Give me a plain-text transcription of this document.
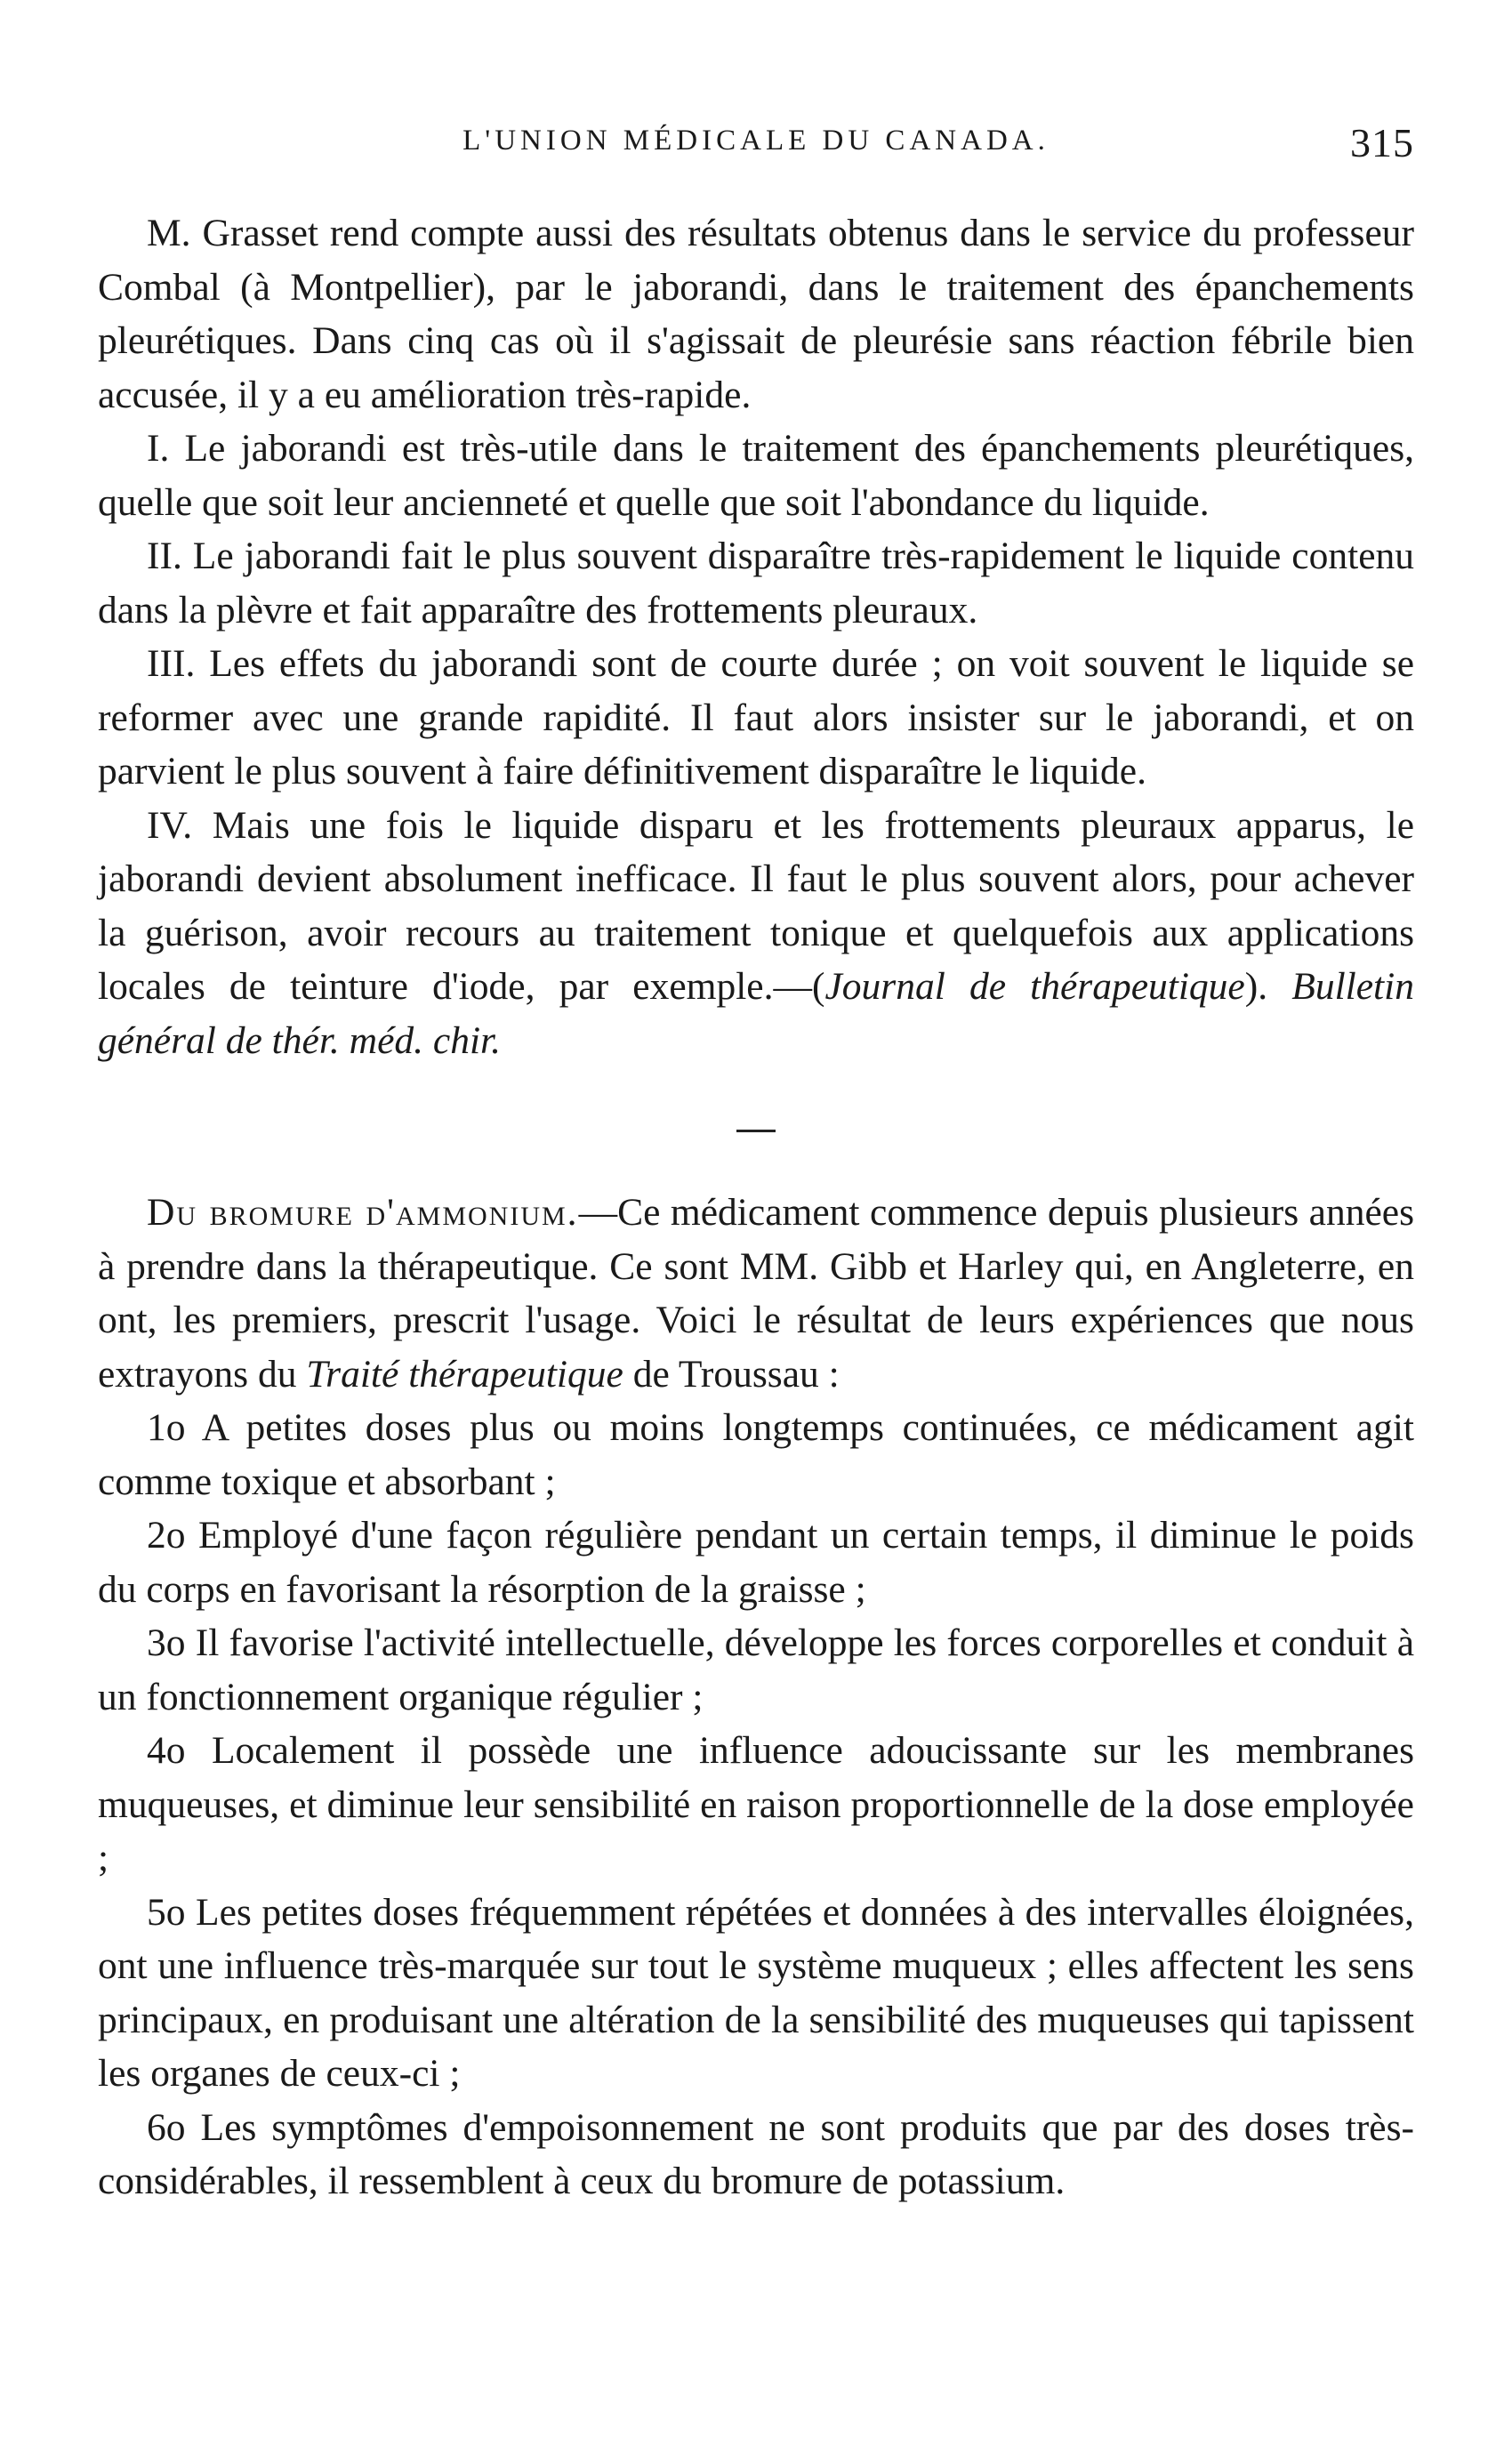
L'UNION MÉDICALE DU CANADA.	315

M. Grasset rend compte aussi des résultats obtenus dans le service du professeur Combal (à Montpellier), par le jaborandi, dans le traitement des épanchements pleurétiques. Dans cinq cas où il s'agissait de pleurésie sans réaction fébrile bien accusée, il y a eu amélioration très-rapide.

I. Le jaborandi est très-utile dans le traitement des épanchements pleurétiques, quelle que soit leur ancienneté et quelle que soit l'abondance du liquide.

II. Le jaborandi fait le plus souvent disparaître très-rapidement le liquide contenu dans la plèvre et fait apparaître des frottements pleuraux.

III. Les effets du jaborandi sont de courte durée ; on voit souvent le liquide se reformer avec une grande rapidité. Il faut alors insister sur le jaborandi, et on parvient le plus souvent à faire définitivement disparaître le liquide.

IV. Mais une fois le liquide disparu et les frottements pleuraux apparus, le jaborandi devient absolument inefficace. Il faut le plus souvent alors, pour achever la guérison, avoir recours au traitement tonique et quelquefois aux applications locales de teinture d'iode, par exemple.—(Journal de thérapeutique). Bulletin général de thér. méd. chir.

Du bromure d'ammonium.—Ce médicament commence depuis plusieurs années à prendre dans la thérapeutique. Ce sont MM. Gibb et Harley qui, en Angleterre, en ont, les premiers, prescrit l'usage. Voici le résultat de leurs expériences que nous extrayons du Traité thérapeutique de Troussau :

1o A petites doses plus ou moins longtemps continuées, ce médicament agit comme toxique et absorbant ;

2o Employé d'une façon régulière pendant un certain temps, il diminue le poids du corps en favorisant la résorption de la graisse ;

3o Il favorise l'activité intellectuelle, développe les forces corporelles et conduit à un fonctionnement organique régulier ;

4o Localement il possède une influence adoucissante sur les membranes muqueuses, et diminue leur sensibilité en raison proportionnelle de la dose employée ;

5o Les petites doses fréquemment répétées et données à des intervalles éloignées, ont une influence très-marquée sur tout le système muqueux ; elles affectent les sens principaux, en produisant une altération de la sensibilité des muqueuses qui tapissent les organes de ceux-ci ;

6o Les symptômes d'empoisonnement ne sont produits que par des doses très-considérables, il ressemblent à ceux du bromure de potassium.
